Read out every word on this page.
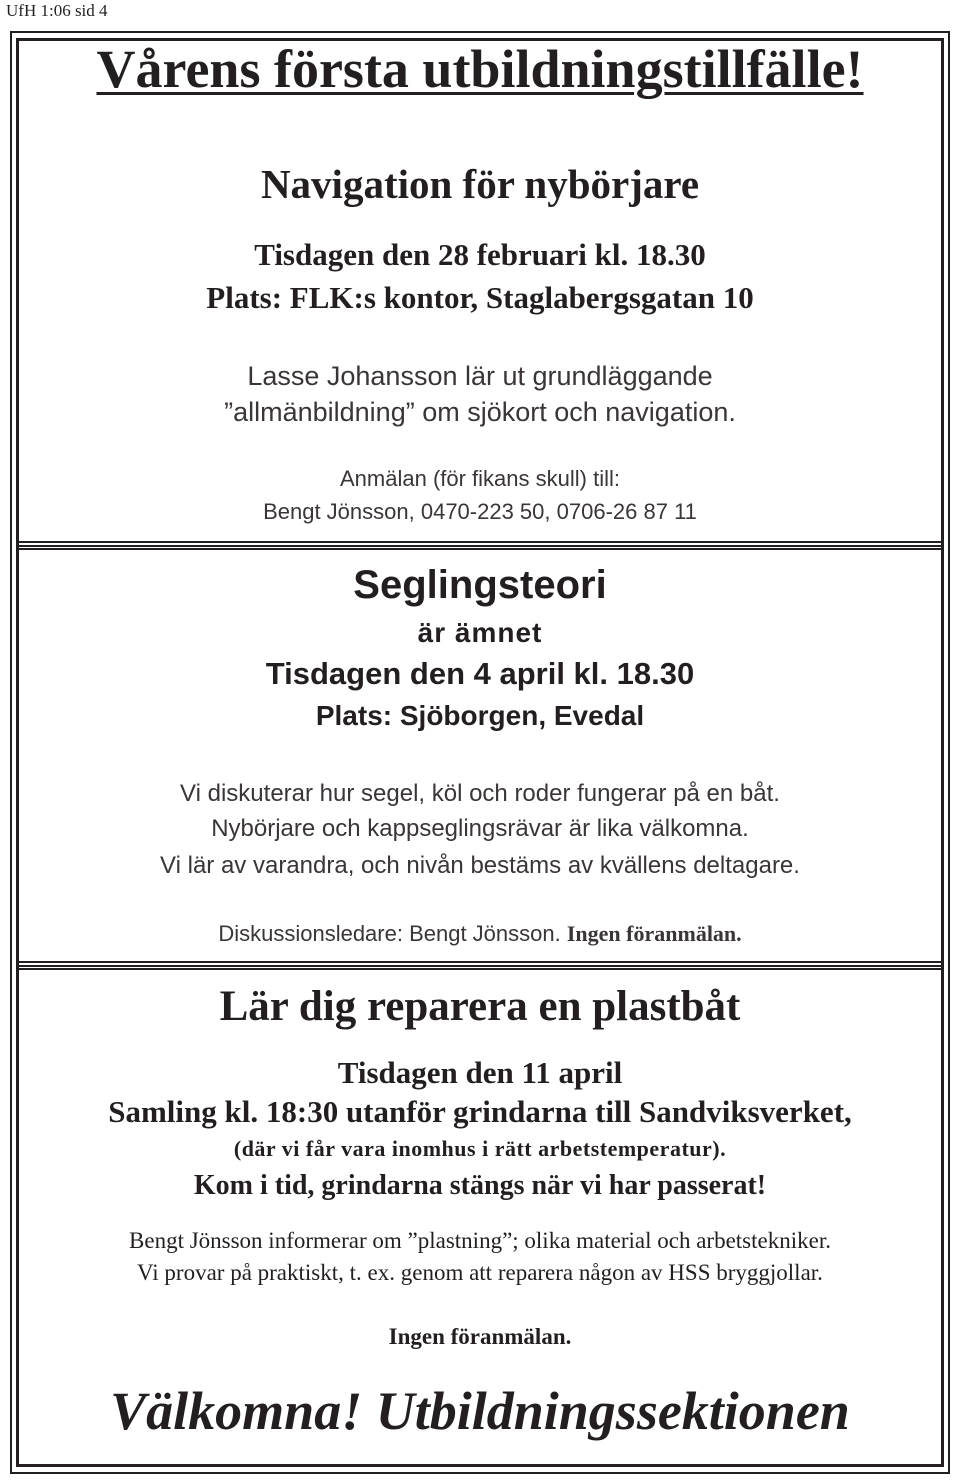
UfH 1:06 sid 4
Vårens första utbildningstillfälle!
Navigation för nybörjare
Tisdagen den 28 februari kl. 18.30
Plats: FLK:s kontor, Staglabergsgatan 10
Lasse Johansson lär ut grundläggande
”allmänbildning” om sjökort och navigation.
Anmälan (för fikans skull) till:
Bengt Jönsson, 0470-223 50, 0706-26 87 11
Seglingsteori
är ämnet
Tisdagen den 4 april kl. 18.30
Plats: Sjöborgen, Evedal
Vi diskuterar hur segel, köl och roder fungerar på en båt.
Nybörjare och kappseglingsrävar är lika välkomna.
Vi lär av varandra, och nivån bestäms av kvällens deltagare.
Diskussionsledare: Bengt Jönsson. Ingen föranmälan.
Lär dig reparera en plastbåt
Tisdagen den 11 april
Samling kl. 18:30 utanför grindarna till Sandviksverket,
(där vi får vara inomhus i rätt arbetstemperatur).
Kom i tid, grindarna stängs när vi har passerat!
Bengt Jönsson informerar om ”plastning”; olika material och arbetstekniker.
Vi provar på praktiskt, t. ex. genom att reparera någon av HSS bryggjollar.
Ingen föranmälan.
Välkomna! Utbildningssektionen
